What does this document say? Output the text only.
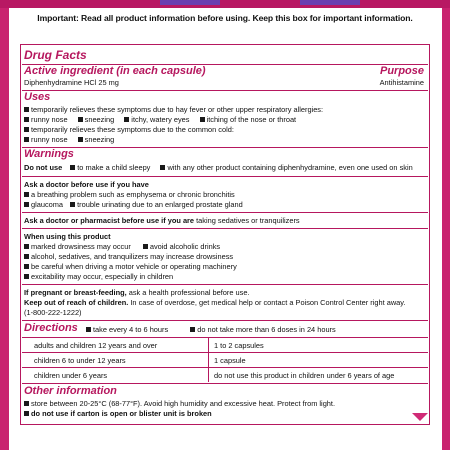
Important: Read all product information before using. Keep this box for important information.
Drug Facts
Active ingredient (in each capsule)	Purpose
Diphenhydramine HCl 25 mg	Antihistamine
Uses
temporarily relieves these symptoms due to hay fever or other upper respiratory allergies:
runny nose sneezing itchy, watery eyes itching of the nose or throat
temporarily relieves these symptoms due to the common cold:
runny nose sneezing
Warnings
Do not use to make a child sleepy with any other product containing diphenhydramine, even one used on skin
Ask a doctor before use if you have
a breathing problem such as emphysema or chronic bronchitis
glaucoma trouble urinating due to an enlarged prostate gland
Ask a doctor or pharmacist before use if you are taking sedatives or tranquilizers
When using this product
marked drowsiness may occur	avoid alcoholic drinks
alcohol, sedatives, and tranquilizers may increase drowsiness
be careful when driving a motor vehicle or operating machinery
excitability may occur, especially in children
If pregnant or breast-feeding, ask a health professional before use.
Keep out of reach of children. In case of overdose, get medical help or contact a Poison Control Center right away.
(1-800-222-1222)
Directions	take every 4 to 6 hours	do not take more than 6 doses in 24 hours
adults and children 12 years and over	1 to 2 capsules
children 6 to under 12 years	1 capsule
children under 6 years	do not use this product in children under 6 years of age
Other information
store between 20-25°C (68-77°F). Avoid high humidity and excessive heat. Protect from light.
do not use if carton is open or blister unit is broken
